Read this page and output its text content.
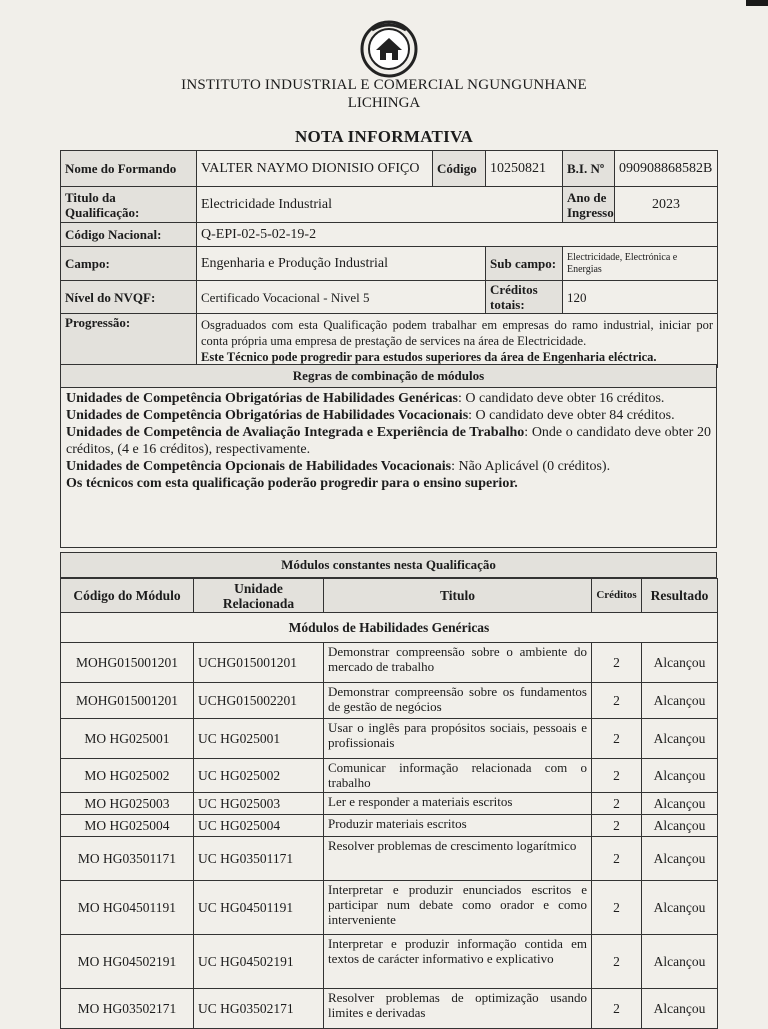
INSTITUTO INDUSTRIAL E COMERCIAL NGUNGUNHANE
LICHINGA
NOTA INFORMATIVA
Nome do Formando	VALTER NAYMO DIONISIO OFIÇO	Código	10250821	B.I. Nº	090908868582B
Titulo da Qualificação:	Electricidade Industrial			Ano de Ingresso	2023
Código Nacional:	Q-EPI-02-5-02-19-2				
Campo:	Engenharia e Produção Industrial		Sub campo:	Electricidade, Electrónica e Energias	
Nível do NVQF:	Certificado Vocacional - Nivel 5		Créditos totais:	120	
Progressão:	Osgraduados com esta Qualificação podem trabalhar em empresas do ramo industrial, iniciar por conta própria uma empresa de prestação de services na área de Electricidade.
Este Técnico pode progredir para estudos superiores da área de Engenharia eléctrica.				
Regras de combinação de módulos

Unidades de Competência Obrigatórias de Habilidades Genéricas: O candidato deve obter 16 créditos.

Unidades de Competência Obrigatórias de Habilidades Vocacionais: O candidato deve obter 84 créditos.

Unidades de Competência de Avaliação Integrada e Experiência de Trabalho: Onde o candidato deve obter 20 créditos, (4 e 16 créditos), respectivamente.

Unidades de Competência Opcionais de Habilidades Vocacionais: Não Aplicável (0 créditos).

Os técnicos com esta qualificação poderão progredir para o ensino superior.

Módulos constantes nesta Qualificação
Código do Módulo	Unidade Relacionada	Titulo	Créditos	Resultado
Módulos de Habilidades Genéricas				
MOHG015001201	UCHG015001201	Demonstrar compreensão sobre o ambiente do mercado de trabalho	2	Alcançou
MOHG015001201	UCHG015002201	Demonstrar compreensão sobre os fundamentos de gestão de negócios	2	Alcançou
MO HG025001	UC HG025001	Usar o inglês para propósitos sociais, pessoais e profissionais	2	Alcançou
MO HG025002	UC HG025002	Comunicar informação relacionada com o trabalho	2	Alcançou
MO HG025003	UC HG025003	Ler e responder a materiais escritos	2	Alcançou
MO HG025004	UC HG025004	Produzir materiais escritos	2	Alcançou
MO HG03501171	UC HG03501171	Resolver problemas de crescimento logarítmico	2	Alcançou
MO HG04501191	UC HG04501191	Interpretar e produzir enunciados escritos e participar num debate como orador e como interveniente	2	Alcançou
MO HG04502191	UC HG04502191	Interpretar e produzir informação contida em textos de carácter informativo e explicativo	2	Alcançou
MO HG03502171	UC HG03502171	Resolver problemas de optimização usando limites e derivadas	2	Alcançou
